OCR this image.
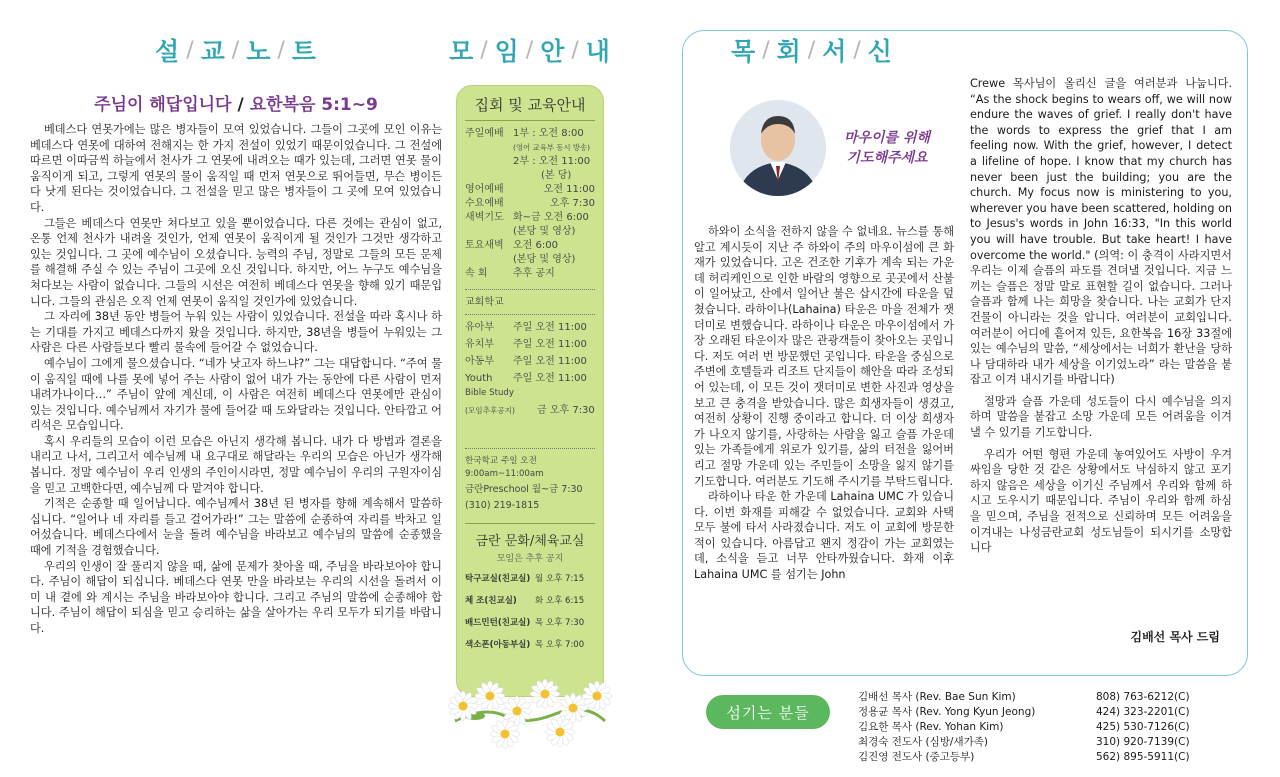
설 / 교 / 노 / 트
주님이 해답입니다 / 요한복음 5:1~9

베데스다 연못가에는 많은 병자들이 모여 있었습니다. 그들이 그곳에 모인 이유는 베데스다 연못에 대하여 전해지는 한 가지 전설이 있었기 때문이었습니다. 그 전설에 따르면 이따금씩 하늘에서 천사가 그 연못에 내려오는 때가 있는데, 그러면 연못 물이 움직이게 되고, 그렇게 연못의 물이 움직일 때 먼저 연못으로 뛰어들면, 무슨 병이든 다 낫게 된다는 것이었습니다. 그 전설을 믿고 많은 병자들이 그 곳에 모여 있었습니다.

그들은 베데스다 연못만 쳐다보고 있을 뿐이었습니다. 다른 것에는 관심이 없고, 온통 언제 천사가 내려올 것인가, 언제 연못이 움직이게 될 것인가 그것만 생각하고 있는 것입니다. 그 곳에 예수님이 오셨습니다. 능력의 주님, 정말로 그들의 모든 문제를 해결해 주실 수 있는 주님이 그곳에 오신 것입니다. 하지만, 어느 누구도 예수님을 쳐다보는 사람이 없습니다. 그들의 시선은 여전히 베데스다 연못을 향해 있기 때문입니다. 그들의 관심은 오직 언제 연못이 움직일 것인가에 있었습니다.

그 자리에 38년 동안 병들어 누워 있는 사람이 있었습니다. 전설을 따라 혹시나 하는 기대를 가지고 베데스다까지 왔을 것입니다. 하지만, 38년을 병들어 누워있는 그 사람은 다른 사람들보다 빨리 물속에 들어갈 수 없었습니다.

예수님이 그에게 물으셨습니다. “네가 낫고자 하느냐?” 그는 대답합니다. “주여 물이 움직일 때에 나를 못에 넣어 주는 사람이 없어 내가 가는 동안에 다른 사람이 먼저 내려가나이다…” 주님이 앞에 계신데, 이 사람은 여전히 베데스다 연못에만 관심이 있는 것입니다. 예수님께서 자기가 물에 들어갈 때 도와달라는 것입니다. 안타깝고 어리석은 모습입니다.

혹시 우리들의 모습이 이런 모습은 아닌지 생각해 봅니다. 내가 다 방법과 결론을 내리고 나서, 그리고서 예수님께 내 요구대로 해달라는 우리의 모습은 아닌가 생각해 봅니다. 정말 예수님이 우리 인생의 주인이시라면, 정말 예수님이 우리의 구원자이심을 믿고 고백한다면, 예수님께 다 맡겨야 합니다.

기적은 순종할 때 일어납니다. 예수님께서 38년 된 병자를 향해 계속해서 말씀하십니다. “일어나 네 자리를 들고 걸어가라!” 그는 말씀에 순종하여 자리를 박차고 일어섰습니다. 베데스다에서 눈을 돌려 예수님을 바라보고 예수님의 말씀에 순종했을 때에 기적을 경험했습니다.

우리의 인생이 잘 풀리지 않을 때, 삶에 문제가 찾아올 때, 주님을 바라보아야 합니다. 주님이 해답이 되십니다. 베데스다 연못 만을 바라보는 우리의 시선을 돌려서 이미 내 곁에 와 계시는 주님을 바라보아야 합니다. 그리고 주님의 말씀에 순종해야 합니다. 주님이 해답이 되심을 믿고 승리하는 삶을 살아가는 우리 모두가 되기를 바랍니다.

모 / 임 / 안 / 내
집회 및 교육안내
주일예배 1부 : 오전 8:00
(영어 교육부 동시 방송)
2부 : 오전 11:00
(본 당)
영어예배	오전 11:00
수요예배	오후 7:30
새벽기도 화~금 오전 6:00
(본당 및 영상)
토요새벽 오전 6:00
(본당 및 영상)
속 회	추후 공지
교회학교
유아부	주일 오전 11:00
유치부	주일 오전 11:00
아동부	주일 오전 11:00
Youth	주일 오전 11:00
Bible Study
(모임추후공지)	금 오후 7:30
한국학교 주일 오전 9:00am~11:00am
금란Preschool 월~금 7:30
(310) 219-1815
금란 문화/체육교실
모임은 추후 공지
탁구교실(친교실) 월 오후 7:15
체 조(친교실)	화 오후 6:15
배드민턴(친교실) 목 오후 7:30
색소폰(아동부실) 목 오후 7:00
목 / 회 / 서 / 신
마우이를 위해
기도해주세요

하와이 소식을 전하지 않을 수 없네요. 뉴스를 통해 알고 계시듯이 지난 주 하와이 주의 마우이섬에 큰 화재가 있었습니다. 고온 건조한 기후가 계속 되는 가운데 허리케인으로 인한 바람의 영향으로 곳곳에서 산불이 일어났고, 산에서 일어난 불은 삽시간에 타운을 덮쳤습니다. 라하이나(Lahaina) 타운은 마을 전체가 잿더미로 변했습니다. 라하이나 타운은 마우이섬에서 가장 오래된 타운이자 많은 관광객들이 찾아오는 곳입니다. 저도 여러 번 방문했던 곳입니다. 타운을 중심으로 주변에 호텔들과 리조트 단지들이 해안을 따라 조성되어 있는데, 이 모든 것이 잿더미로 변한 사진과 영상을 보고 큰 충격을 받았습니다. 많은 희생자들이 생겼고, 여전히 상황이 진행 중이라고 합니다. 더 이상 희생자가 나오지 않기를, 사랑하는 사람을 잃고 슬픔 가운데 있는 가족들에게 위로가 있기를, 삶의 터전을 잃어버리고 절망 가운데 있는 주민들이 소망을 잃지 않기를 기도합니다. 여러분도 기도해 주시기를 부탁드립니다.

라하이나 타운 한 가운데 Lahaina UMC 가 있습니다. 이번 화재를 피해갈 수 없었습니다. 교회와 사택 모두 불에 타서 사라졌습니다. 저도 이 교회에 방문한 적이 있습니다. 아름답고 왠지 정감이 가는 교회였는데, 소식을 듣고 너무 안타까웠습니다. 화재 이후 Lahaina UMC 를 섬기는 John

Crewe 목사님이 올리신 글을 여러분과 나눕니다. “As the shock begins to wears off, we will now endure the waves of grief. I really don't have the words to express the grief that I am feeling now. With the grief, however, I detect a lifeline of hope. I know that my church has never been just the building; you are the church. My focus now is ministering to you, wherever you have been scattered, holding on to Jesus's words in John 16:33, "In this world you will have trouble. But take heart! I have overcome the world." (의역: 이 충격이 사라지면서 우리는 이제 슬픔의 파도를 견뎌낼 것입니다. 지금 느끼는 슬픔은 정말 말로 표현할 길이 없습니다. 그러나 슬픔과 함께 나는 희망을 찾습니다. 나는 교회가 단지 건물이 아니라는 것을 압니다. 여러분이 교회입니다. 여러분이 어디에 흩어져 있든, 요한복음 16장 33절에 있는 예수님의 말씀, “세상에서는 너희가 환난을 당하나 담대하라 내가 세상을 이기었노라” 라는 말씀을 붙잡고 이겨 내시기를 바랍니다)

절망과 슬픔 가운데 성도들이 다시 예수님을 의지하며 말씀을 붙잡고 소망 가운데 모든 어려움을 이겨 낼 수 있기를 기도합니다.

우리가 어떤 형편 가운데 놓여있어도 사방이 우겨 싸임을 당한 것 같은 상황에서도 낙심하지 않고 포기하지 않음은 세상을 이기신 주님께서 우리와 함께 하시고 도우시기 때문입니다. 주님이 우리와 함께 하심을 믿으며, 주님을 전적으로 신뢰하며 모든 어려움을 이겨내는 나성금란교회 성도님들이 되시기를 소망합니다

김배선 목사 드림
섬기는 분들
김배선 목사 (Rev. Bae Sun Kim)	808) 763-6212(C)
정용균 목사 (Rev. Yong Kyun Jeong)	424) 323-2201(C)
김요한 목사 (Rev. Yohan Kim)	425) 530-7126(C)
최경숙 전도사 (심방/새가족)	310) 920-7139(C)
김진영 전도사 (중고등부)	562) 895-5911(C)
